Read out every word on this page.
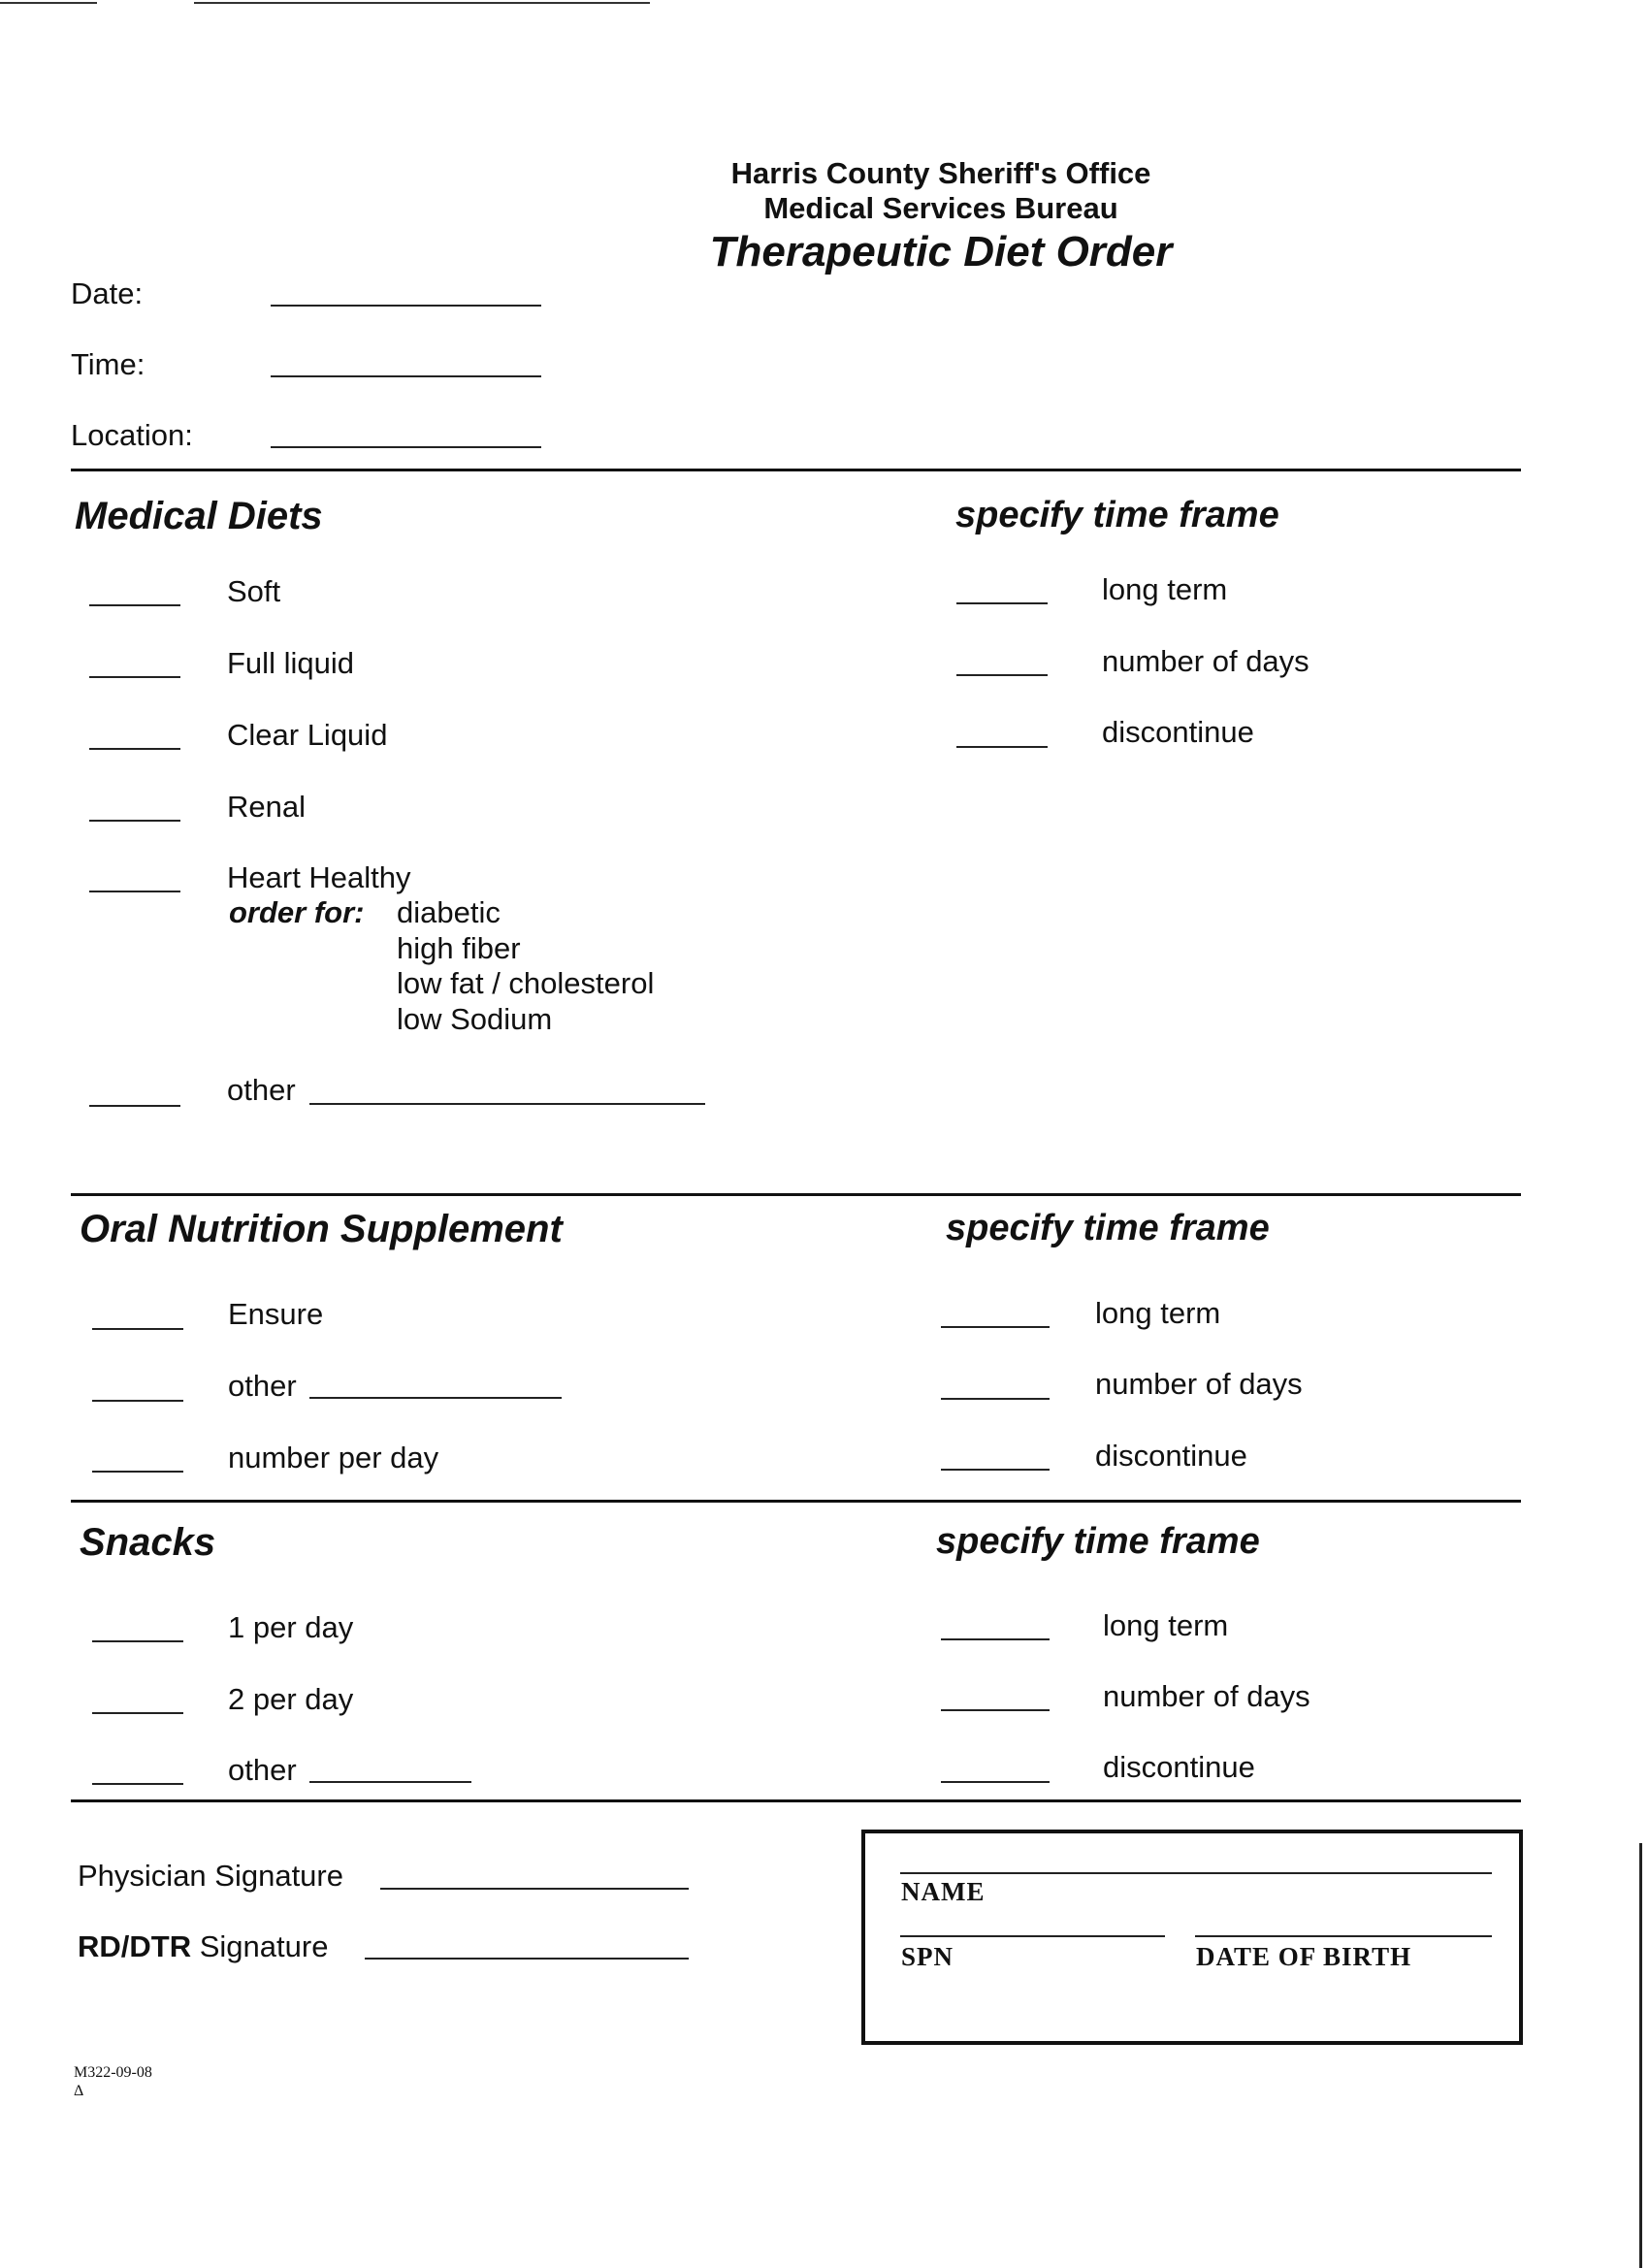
Harris County Sheriff's Office
Medical Services Bureau
Therapeutic Diet Order
Date:
Time:
Location:
Medical Diets	specify time frame
Soft
Full liquid
Clear Liquid
Renal
Heart Healthy
order for: diabetic
high fiber
low fat / cholesterol
low Sodium
other
long term
number of days
discontinue
Oral Nutrition Supplement	specify time frame
Ensure
other
number per day
long term
number of days
discontinue
Snacks	specify time frame
1 per day
2 per day
other
long term
number of days
discontinue
Physician Signature
RD/DTR Signature
NAME
SPN	DATE OF BIRTH
M322-09-08
Δ
